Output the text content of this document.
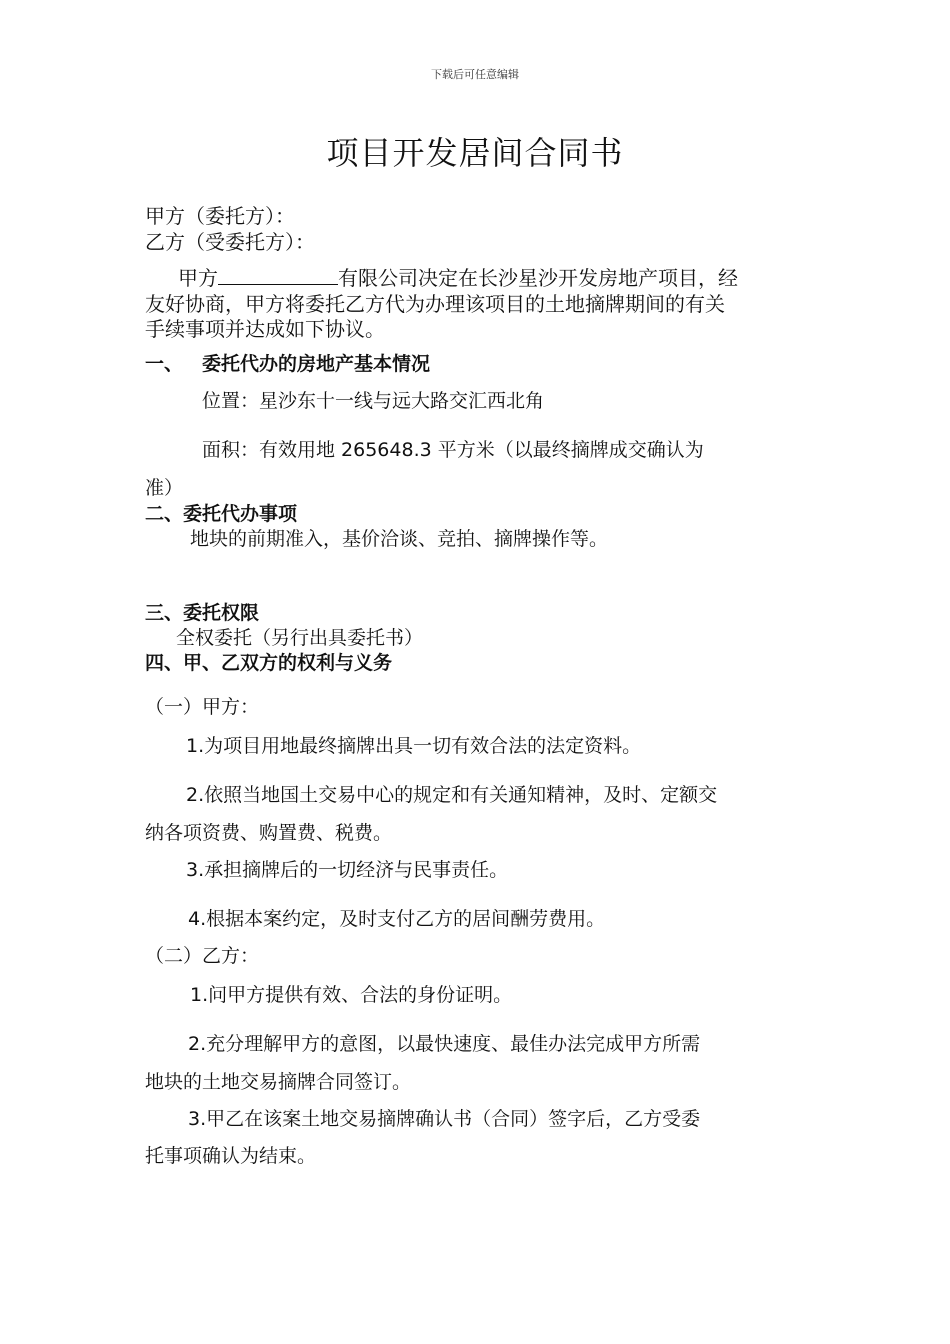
下载后可任意编辑
项目开发居间合同书
甲方（委托方）：
乙方（受委托方）：
甲方	有限公司决定在长沙星沙开发房地产项目，经
友好协商，甲方将委托乙方代为办理该项目的土地摘牌期间的有关
手续事项并达成如下协议。
一、 委托代办的房地产基本情况
位置：星沙东十一线与远大路交汇西北角
面积：有效用地 265648.3 平方米（以最终摘牌成交确认为
准）
二、委托代办事项
地块的前期准入，基价洽谈、竞拍、摘牌操作等。
三、委托权限
全权委托（另行出具委托书）
四、甲、乙双方的权利与义务
（一）甲方：
1.为项目用地最终摘牌出具一切有效合法的法定资料。
2.依照当地国土交易中心的规定和有关通知精神，及时、定额交
纳各项资费、购置费、税费。
3.承担摘牌后的一切经济与民事责任。
4.根据本案约定，及时支付乙方的居间酬劳费用。
（二）乙方：
1.问甲方提供有效、合法的身份证明。
2.充分理解甲方的意图，以最快速度、最佳办法完成甲方所需
地块的土地交易摘牌合同签订。
3.甲乙在该案土地交易摘牌确认书（合同）签字后，乙方受委
托事项确认为结束。
